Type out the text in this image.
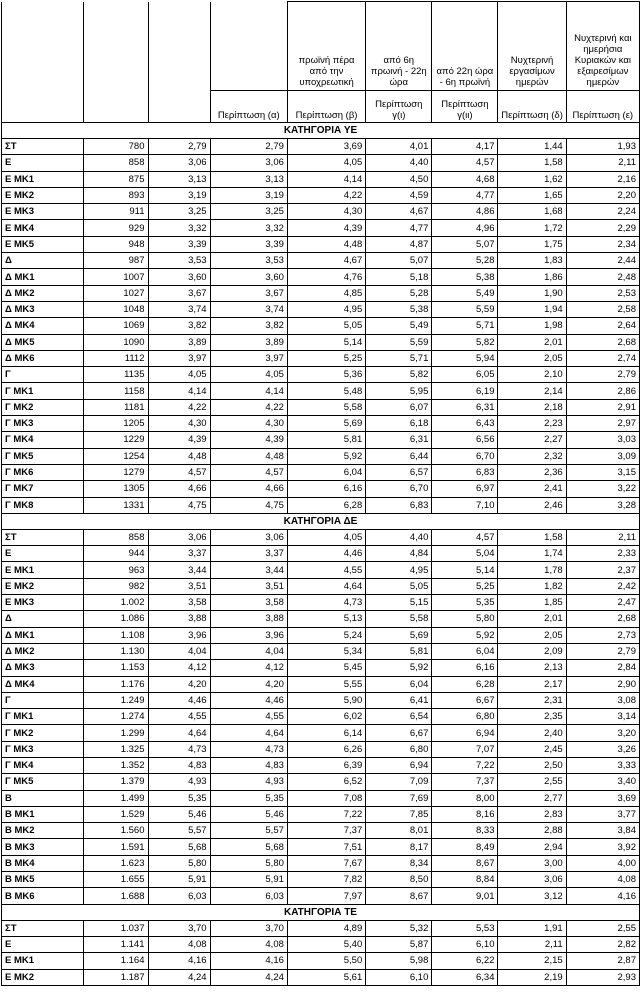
				πρωϊνή πέρα από την υποχρεωτική	από 6η πρωινή - 22η ώρα	από 22η ώρα - 6η πρωϊνή	Νυχτερινή εργασίμων ημερών	Νυχτερινή και ημερήσια Κυριακών και εξαιρεσίμων ημερών
			Περίπτωση (α)	Περίπτωση (β)	Περίπτωση γ(ι)	Περίπτωση γ(ιι)	Περίπτωση (δ)	Περίπτωση (ε)
ΚΑΤΗΓΟΡΙΑ ΥΕ								
ΣΤ	780	2,79	2,79	3,69	4,01	4,17	1,44	1,93
Ε	858	3,06	3,06	4,05	4,40	4,57	1,58	2,11
Ε ΜΚ1	875	3,13	3,13	4,14	4,50	4,68	1,62	2,16
Ε ΜΚ2	893	3,19	3,19	4,22	4,59	4,77	1,65	2,20
Ε ΜΚ3	911	3,25	3,25	4,30	4,67	4,86	1,68	2,24
Ε ΜΚ4	929	3,32	3,32	4,39	4,77	4,96	1,72	2,29
Ε ΜΚ5	948	3,39	3,39	4,48	4,87	5,07	1,75	2,34
Δ	987	3,53	3,53	4,67	5,07	5,28	1,83	2,44
Δ ΜΚ1	1007	3,60	3,60	4,76	5,18	5,38	1,86	2,48
Δ ΜΚ2	1027	3,67	3,67	4,85	5,28	5,49	1,90	2,53
Δ ΜΚ3	1048	3,74	3,74	4,95	5,38	5,59	1,94	2,58
Δ ΜΚ4	1069	3,82	3,82	5,05	5,49	5,71	1,98	2,64
Δ ΜΚ5	1090	3,89	3,89	5,14	5,59	5,82	2,01	2,68
Δ ΜΚ6	1112	3,97	3,97	5,25	5,71	5,94	2,05	2,74
Γ	1135	4,05	4,05	5,36	5,82	6,05	2,10	2,79
Γ ΜΚ1	1158	4,14	4,14	5,48	5,95	6,19	2,14	2,86
Γ ΜΚ2	1181	4,22	4,22	5,58	6,07	6,31	2,18	2,91
Γ ΜΚ3	1205	4,30	4,30	5,69	6,18	6,43	2,23	2,97
Γ ΜΚ4	1229	4,39	4,39	5,81	6,31	6,56	2,27	3,03
Γ ΜΚ5	1254	4,48	4,48	5,92	6,44	6,70	2,32	3,09
Γ ΜΚ6	1279	4,57	4,57	6,04	6,57	6,83	2,36	3,15
Γ ΜΚ7	1305	4,66	4,66	6,16	6,70	6,97	2,41	3,22
Γ ΜΚ8	1331	4,75	4,75	6,28	6,83	7,10	2,46	3,28
ΚΑΤΗΓΟΡΙΑ ΔΕ								
ΣΤ	858	3,06	3,06	4,05	4,40	4,57	1,58	2,11
Ε	944	3,37	3,37	4,46	4,84	5,04	1,74	2,33
Ε ΜΚ1	963	3,44	3,44	4,55	4,95	5,14	1,78	2,37
Ε ΜΚ2	982	3,51	3,51	4,64	5,05	5,25	1,82	2,42
Ε ΜΚ3	1.002	3,58	3,58	4,73	5,15	5,35	1,85	2,47
Δ	1.086	3,88	3,88	5,13	5,58	5,80	2,01	2,68
Δ ΜΚ1	1.108	3,96	3,96	5,24	5,69	5,92	2,05	2,73
Δ ΜΚ2	1.130	4,04	4,04	5,34	5,81	6,04	2,09	2,79
Δ ΜΚ3	1.153	4,12	4,12	5,45	5,92	6,16	2,13	2,84
Δ ΜΚ4	1.176	4,20	4,20	5,55	6,04	6,28	2,17	2,90
Γ	1.249	4,46	4,46	5,90	6,41	6,67	2,31	3,08
Γ ΜΚ1	1.274	4,55	4,55	6,02	6,54	6,80	2,35	3,14
Γ ΜΚ2	1.299	4,64	4,64	6,14	6,67	6,94	2,40	3,20
Γ ΜΚ3	1.325	4,73	4,73	6,26	6,80	7,07	2,45	3,26
Γ ΜΚ4	1.352	4,83	4,83	6,39	6,94	7,22	2,50	3,33
Γ ΜΚ5	1.379	4,93	4,93	6,52	7,09	7,37	2,55	3,40
Β	1.499	5,35	5,35	7,08	7,69	8,00	2,77	3,69
Β ΜΚ1	1.529	5,46	5,46	7,22	7,85	8,16	2,83	3,77
Β ΜΚ2	1.560	5,57	5,57	7,37	8,01	8,33	2,88	3,84
Β ΜΚ3	1.591	5,68	5,68	7,51	8,17	8,49	2,94	3,92
Β ΜΚ4	1.623	5,80	5,80	7,67	8,34	8,67	3,00	4,00
Β ΜΚ5	1.655	5,91	5,91	7,82	8,50	8,84	3,06	4,08
Β ΜΚ6	1.688	6,03	6,03	7,97	8,67	9,01	3,12	4,16
ΚΑΤΗΓΟΡΙΑ ΤΕ								
ΣΤ	1.037	3,70	3,70	4,89	5,32	5,53	1,91	2,55
Ε	1.141	4,08	4,08	5,40	5,87	6,10	2,11	2,82
Ε ΜΚ1	1.164	4,16	4,16	5,50	5,98	6,22	2,15	2,87
Ε ΜΚ2	1.187	4,24	4,24	5,61	6,10	6,34	2,19	2,93
